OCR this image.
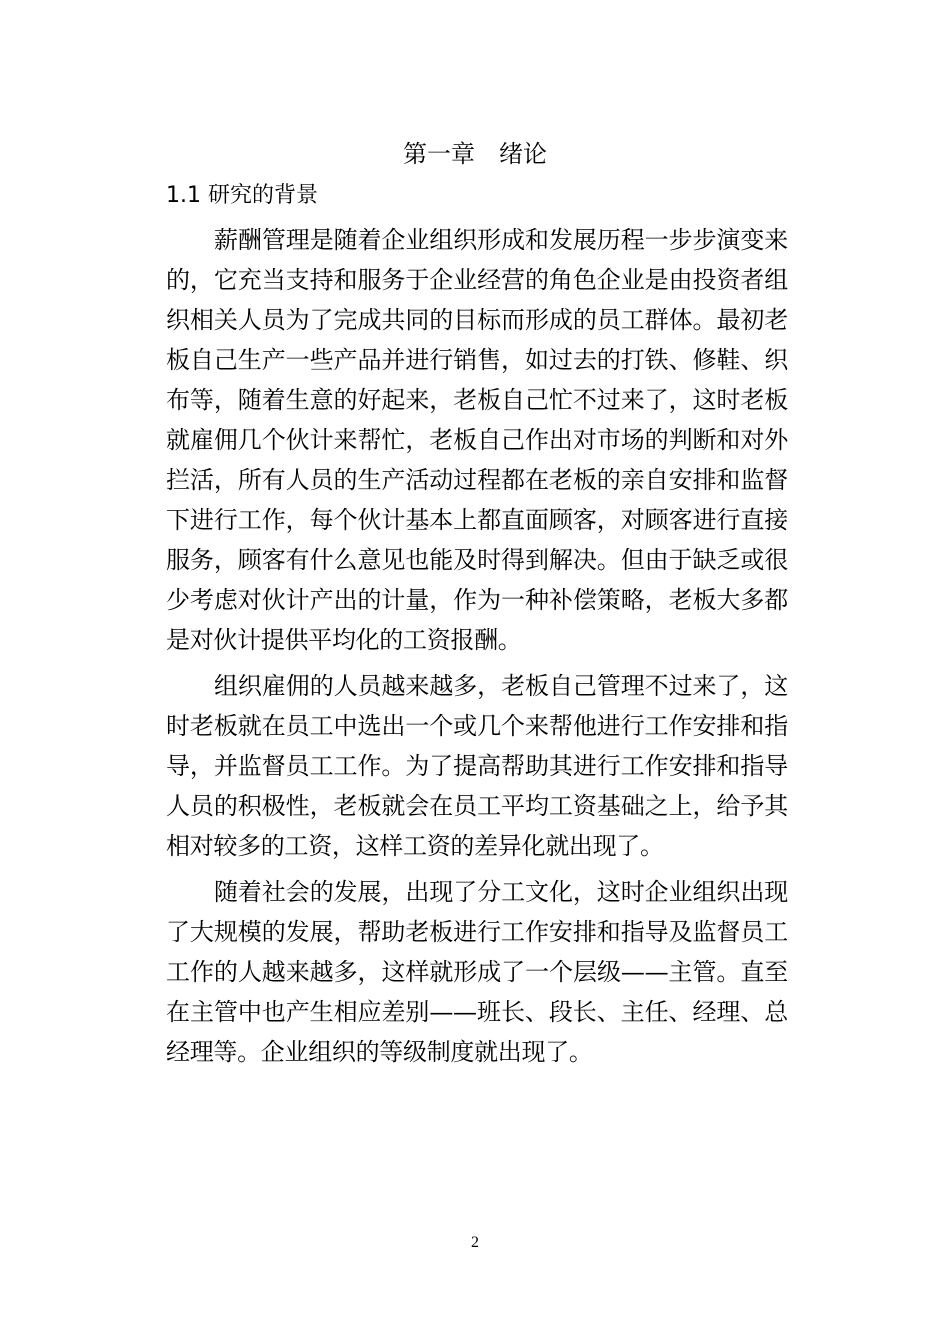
第一章　绪论
1.1 研究的背景

薪酬管理是随着企业组织形成和发展历程一步步演变来的，它充当支持和服务于企业经营的角色企业是由投资者组织相关人员为了完成共同的目标而形成的员工群体。最初老板自己生产一些产品并进行销售，如过去的打铁、修鞋、织布等，随着生意的好起来，老板自己忙不过来了，这时老板就雇佣几个伙计来帮忙，老板自己作出对市场的判断和对外拦活，所有人员的生产活动过程都在老板的亲自安排和监督下进行工作，每个伙计基本上都直面顾客，对顾客进行直接服务，顾客有什么意见也能及时得到解决。但由于缺乏或很少考虑对伙计产出的计量，作为一种补偿策略，老板大多都是对伙计提供平均化的工资报酬。

组织雇佣的人员越来越多，老板自己管理不过来了，这时老板就在员工中选出一个或几个来帮他进行工作安排和指导，并监督员工工作。为了提高帮助其进行工作安排和指导人员的积极性，老板就会在员工平均工资基础之上，给予其相对较多的工资，这样工资的差异化就出现了。

随着社会的发展，出现了分工文化，这时企业组织出现了大规模的发展，帮助老板进行工作安排和指导及监督员工工作的人越来越多，这样就形成了一个层级——主管。直至在主管中也产生相应差别——班长、段长、主任、经理、总经理等。企业组织的等级制度就出现了。

2
